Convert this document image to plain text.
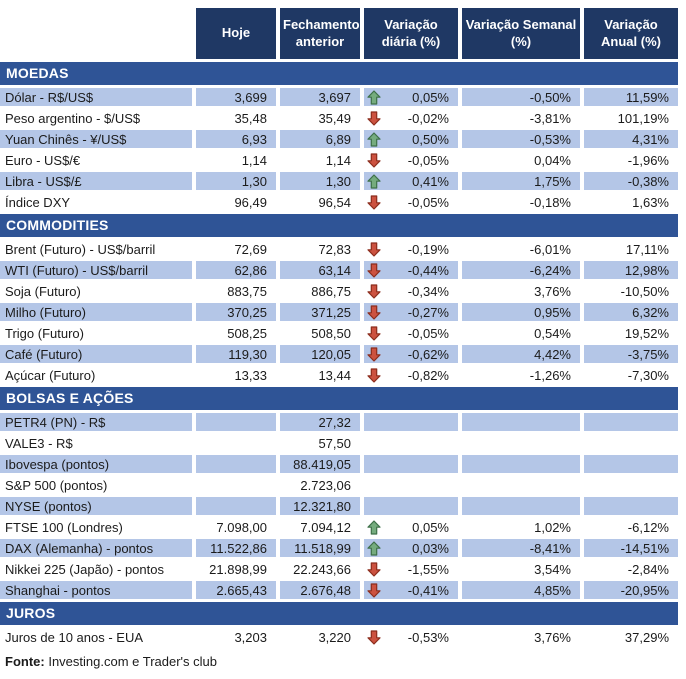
	Hoje	Fechamento anterior	Variação diária (%)	Variação Semanal (%)	Variação Anual (%)
MOEDAS					
Dólar - R$/US$	3,699	3,697	0,05%	-0,50%	11,59%
Peso argentino - $/US$	35,48	35,49	-0,02%	-3,81%	101,19%
Yuan Chinês - ¥/US$	6,93	6,89	0,50%	-0,53%	4,31%
Euro - US$/€	1,14	1,14	-0,05%	0,04%	-1,96%
Libra - US$/£	1,30	1,30	0,41%	1,75%	-0,38%
Índice DXY	96,49	96,54	-0,05%	-0,18%	1,63%
COMMODITIES					
Brent (Futuro) - US$/barril	72,69	72,83	-0,19%	-6,01%	17,11%
WTI (Futuro) - US$/barril	62,86	63,14	-0,44%	-6,24%	12,98%
Soja (Futuro)	883,75	886,75	-0,34%	3,76%	-10,50%
Milho (Futuro)	370,25	371,25	-0,27%	0,95%	6,32%
Trigo (Futuro)	508,25	508,50	-0,05%	0,54%	19,52%
Café (Futuro)	119,30	120,05	-0,62%	4,42%	-3,75%
Açúcar (Futuro)	13,33	13,44	-0,82%	-1,26%	-7,30%
BOLSAS E AÇÕES					
PETR4 (PN) - R$		27,32	

VALE3 - R$		57,50	

Ibovespa (pontos)		88.419,05	

S&P 500 (pontos)		2.723,06	

NYSE (pontos)		12.321,80	

FTSE 100 (Londres)	7.098,00	7.094,12	0,05%	1,02%	-6,12%
DAX (Alemanha) - pontos	11.522,86	11.518,99	0,03%	-8,41%	-14,51%
Nikkei 225 (Japão) - pontos	21.898,99	22.243,66	-1,55%	3,54%	-2,84%
Shanghai - pontos	2.665,43	2.676,48	-0,41%	4,85%	-20,95%
JUROS					
Juros de 10 anos - EUA	3,203	3,220	-0,53%	3,76%	37,29%
Fonte: Investing.com e Trader's club
